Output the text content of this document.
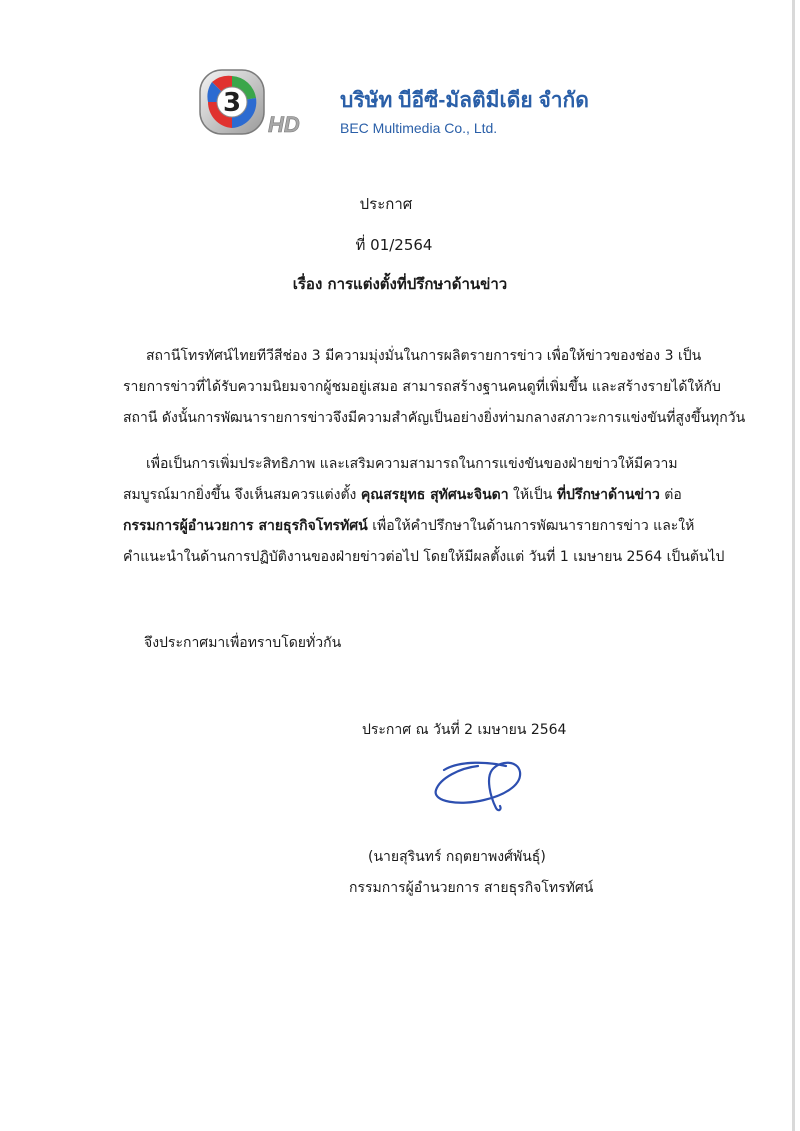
3
HD
บริษัท บีอีซี-มัลติมีเดีย จำกัด
BEC Multimedia Co., Ltd.
ประกาศ
ที่ 01/2564
เรื่อง การแต่งตั้งที่ปรึกษาด้านข่าว
สถานีโทรทัศน์ไทยทีวีสีช่อง 3 มีความมุ่งมั่นในการผลิตรายการข่าว เพื่อให้ข่าวของช่อง 3 เป็น
รายการข่าวที่ได้รับความนิยมจากผู้ชมอยู่เสมอ สามารถสร้างฐานคนดูที่เพิ่มขึ้น และสร้างรายได้ให้กับ
สถานี ดังนั้นการพัฒนารายการข่าวจึงมีความสำคัญเป็นอย่างยิ่งท่ามกลางสภาวะการแข่งขันที่สูงขึ้นทุกวัน
เพื่อเป็นการเพิ่มประสิทธิภาพ และเสริมความสามารถในการแข่งขันของฝ่ายข่าวให้มีความ
สมบูรณ์มากยิ่งขึ้น จึงเห็นสมควรแต่งตั้ง คุณสรยุทธ สุทัศนะจินดา ให้เป็น ที่ปรึกษาด้านข่าว ต่อ
กรรมการผู้อำนวยการ สายธุรกิจโทรทัศน์ เพื่อให้คำปรึกษาในด้านการพัฒนารายการข่าว และให้
คำแนะนำในด้านการปฏิบัติงานของฝ่ายข่าวต่อไป โดยให้มีผลตั้งแต่ วันที่ 1 เมษายน 2564 เป็นต้นไป
จึงประกาศมาเพื่อทราบโดยทั่วกัน
ประกาศ ณ วันที่ 2 เมษายน 2564
(นายสุรินทร์ กฤตยาพงศ์พันธุ์)
กรรมการผู้อำนวยการ สายธุรกิจโทรทัศน์
